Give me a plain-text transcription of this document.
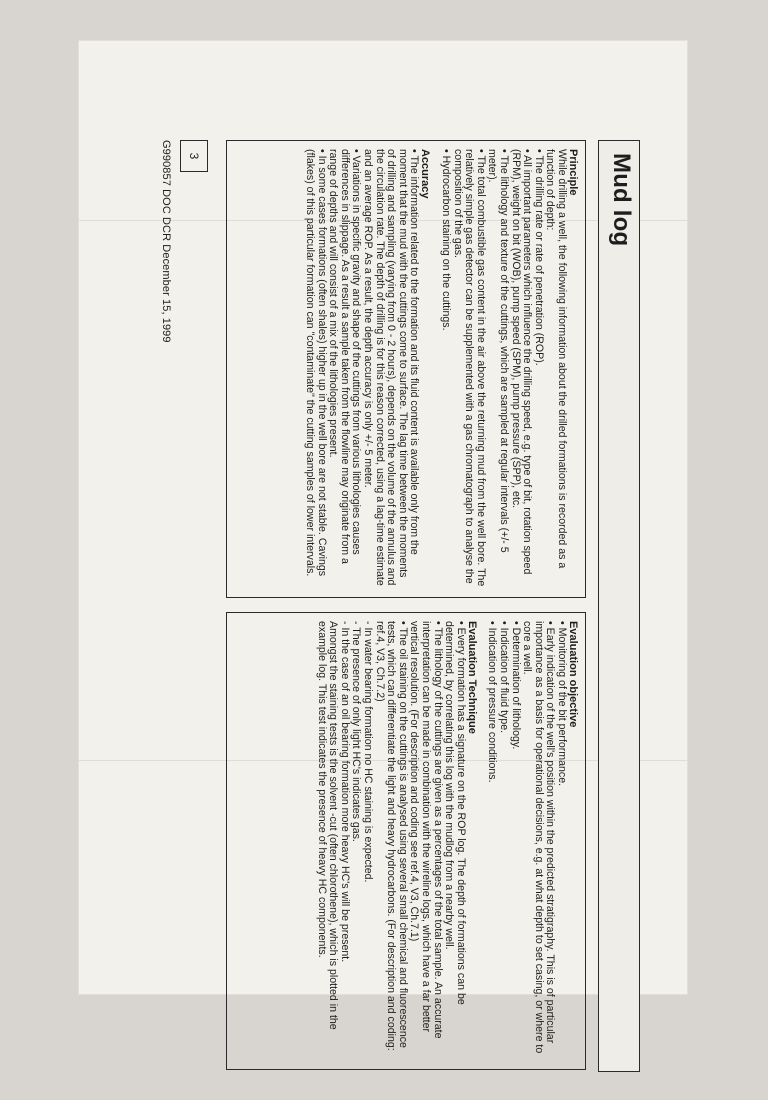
Mud log
Principle

While drilling a well, the following information about the drilled formations is recorded as a function of depth:

• The drilling rate or rate of penetration (ROP).

• All important parameters which influence the drilling speed, e.g. type of bit, rotation speed (RPM), weight on bit (WOB), pump speed (SPM), pump pressure (SPP), etc.

• The lithology and texture of the cuttings, which are sampled at regular intervals (+/- 5 meter).

• The total combustible gas content in the air above the returning mud from the well bore. The relatively simple gas detector can be supplemented with a gas chromatograph to analyse the composition of the gas.

• Hydrocarbon staining on the cuttings.

Accuracy

• The information related to the formation and its fluid content is available only from the moment that the mud with the cuttings come to surface. The lag time between the moments of drilling and sampling (varying from 0 - 2 hours), depends on the volume of the annulus and the circulation rate. The depth of drilling is for this reason corrected, using a lag-time estimate and an average ROP. As a result, the depth accuracy is only +/- 5 meter.

• Variations in specific gravity and shape of the cuttings from various lithologies causes differences in slippage. As a result a sample taken from the flowline may originate from a range of depths and will consist of a mix of the lithologies present.

• In some cases formations (often shales) higher up in the well bore are not stable. Cavings (flakes) of this particular formation can "contaminate" the cutting samples of lower intervals.

Evaluation objective

• Monitoring of the bit performance.

• Early indication of the well's position within the predicted stratigraphy. This is of particular importance as a basis for operational decisions, e.g. at what depth to set casing, or where to core a well.

• Determination of lithology.

• Indication of fluid type.

• Indication of pressure conditions.

Evaluation Technique

• Every formation has a signature on the ROP log. The depth of formations can be determined, by correlating this log with the mudlog from a nearby well.

• The lithology of the cuttings are given as a percentages of the total sample. An accurate interpretation can be made in combination with the wireline logs, which have a far better vertical resolution. (For description and coding see ref.4, V3, Ch.7.1)

• The oil staining on the cuttings is analysed using several small chemical and fluorescence tests, which can differentiate the light and heavy hydrocarbons. (For description and coding: ref.4, V3, Ch.7.2)

- In water bearing formation no HC staining is expected.

- The presence of only light HC's indicates gas.

- In the case of an oil bearing formation more heavy HC's will be present.

Amongst the staining tests is the solvent -cut (often chlorothene), which is plotted in the example log. This test indicates the presence of heavy HC components.

3
G990857 DOC DCR December 15, 1999
